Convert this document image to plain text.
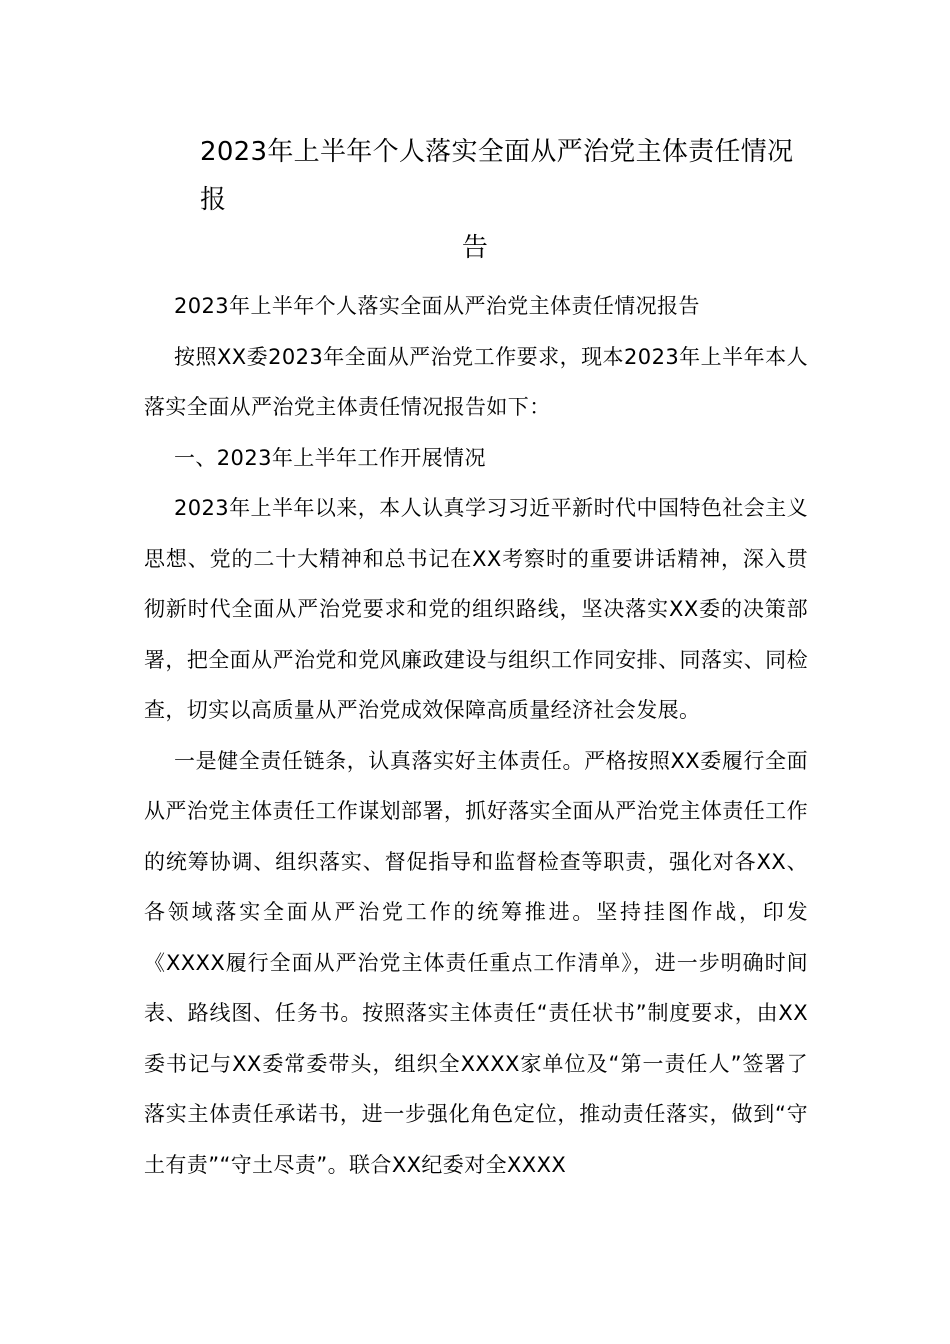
2023年上半年个人落实全面从严治党主体责任情况报
告

2023年上半年个人落实全面从严治党主体责任情况报告

按照XX委2023年全面从严治党工作要求，现本2023年上半年本人落实全面从严治党主体责任情况报告如下：

一、2023年上半年工作开展情况

2023年上半年以来，本人认真学习习近平新时代中国特色社会主义思想、党的二十大精神和总书记在XX考察时的重要讲话精神，深入贯彻新时代全面从严治党要求和党的组织路线，坚决落实XX委的决策部署，把全面从严治党和党风廉政建设与组织工作同安排、同落实、同检查，切实以高质量从严治党成效保障高质量经济社会发展。

一是健全责任链条，认真落实好主体责任。严格按照XX委履行全面从严治党主体责任工作谋划部署，抓好落实全面从严治党主体责任工作的统筹协调、组织落实、督促指导和监督检查等职责，强化对各XX、各领域落实全面从严治党工作的统筹推进。坚持挂图作战，印发《XXXX履行全面从严治党主体责任重点工作清单》，进一步明确时间表、路线图、任务书。按照落实主体责任“责任状书”制度要求，由XX委书记与XX委常委带头，组织全XXXX家单位及“第一责任人”签署了落实主体责任承诺书，进一步强化角色定位，推动责任落实，做到“守土有责”“守土尽责”。联合XX纪委对全XXXX
